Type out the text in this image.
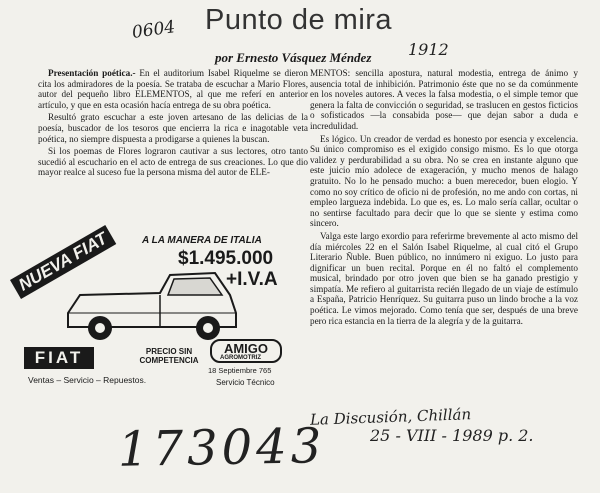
Punto de mira
0604
por Ernesto Vásquez Méndez 1912

Presentación poética.- En el auditorium Isabel Riquelme se dieron cita los admiradores de la poesía. Se trataba de escuchar a Mario Flores, autor del pequeño libro ELEMENTOS, al que me referí en anterior artículo, y que en esta ocasión hacía entrega de su obra poética.

Resultó grato escuchar a este joven artesano de las delicias de la poesía, buscador de los tesoros que encierra la rica e inagotable veta poética, no siempre dispuesta a prodigarse a quienes la buscan.

Si los poemas de Flores lograron cautivar a sus lectores, otro tanto sucedió al escuchario en el acto de entrega de sus creaciones. Lo que dio mayor realce al suceso fue la persona misma del autor de ELE-

MENTOS: sencilla apostura, natural modestia, entrega de ánimo y ausencia total de inhibición. Patrimonio éste que no se da comúnmente en los noveles autores. A veces la falsa modestia, o el simple temor que genera la falta de convicción o seguridad, se traslucen en gestos ficticios o sofisticados —la consabida pose— que dejan sabor a duda e incredulidad.

Es lógico. Un creador de verdad es honesto por esencia y excelencia. Su único compromiso es el exigido consigo mismo. Es lo que otorga validez y perdurabilidad a su obra. No se crea en instante alguno que este juicio mío adolece de exageración, y mucho menos de halago gratuito. No lo he pensado mucho: a buen merecedor, buen elogio. Y como no soy crítico de oficio ni de profesión, no me ando con cortas, ni empleo largueza indebida. Lo que es, es. Lo malo sería callar, ocultar o no sentirse facultado para decir que lo que se siente y estima como sincero.

Valga este largo exordio para referirme brevemente al acto mismo del día miércoles 22 en el Salón Isabel Riquelme, al cual citó el Grupo Literario Ñuble. Buen público, no innúmero ni exiguo. Lo justo para dignificar un buen recital. Porque en él no faltó el complemento musical, brindado por otro joven que bien se ha ganado prestigio y simpatía. Me refiero al guitarrista recién llegado de un viaje de estímulo a España, Patricio Henríquez. Su guitarra puso un lindo broche a la voz poética. Le vimos mejorado. Como tenía que ser, después de una breve pero rica estancia en la tierra de la alegría y de la guitarra.

NUEVA FIAT	A LA MANERA DE ITALIA
$1.495.000
+I.V.A
FIAT	PRECIO SIN COMPETENCIA
AMIGO
AGROMOTRIZ
18 Septiembre 765
Ventas – Servicio – Repuestos.	Servicio Técnico
La Discusión, Chillán
25 - VIII - 1989 p. 2.
173043
